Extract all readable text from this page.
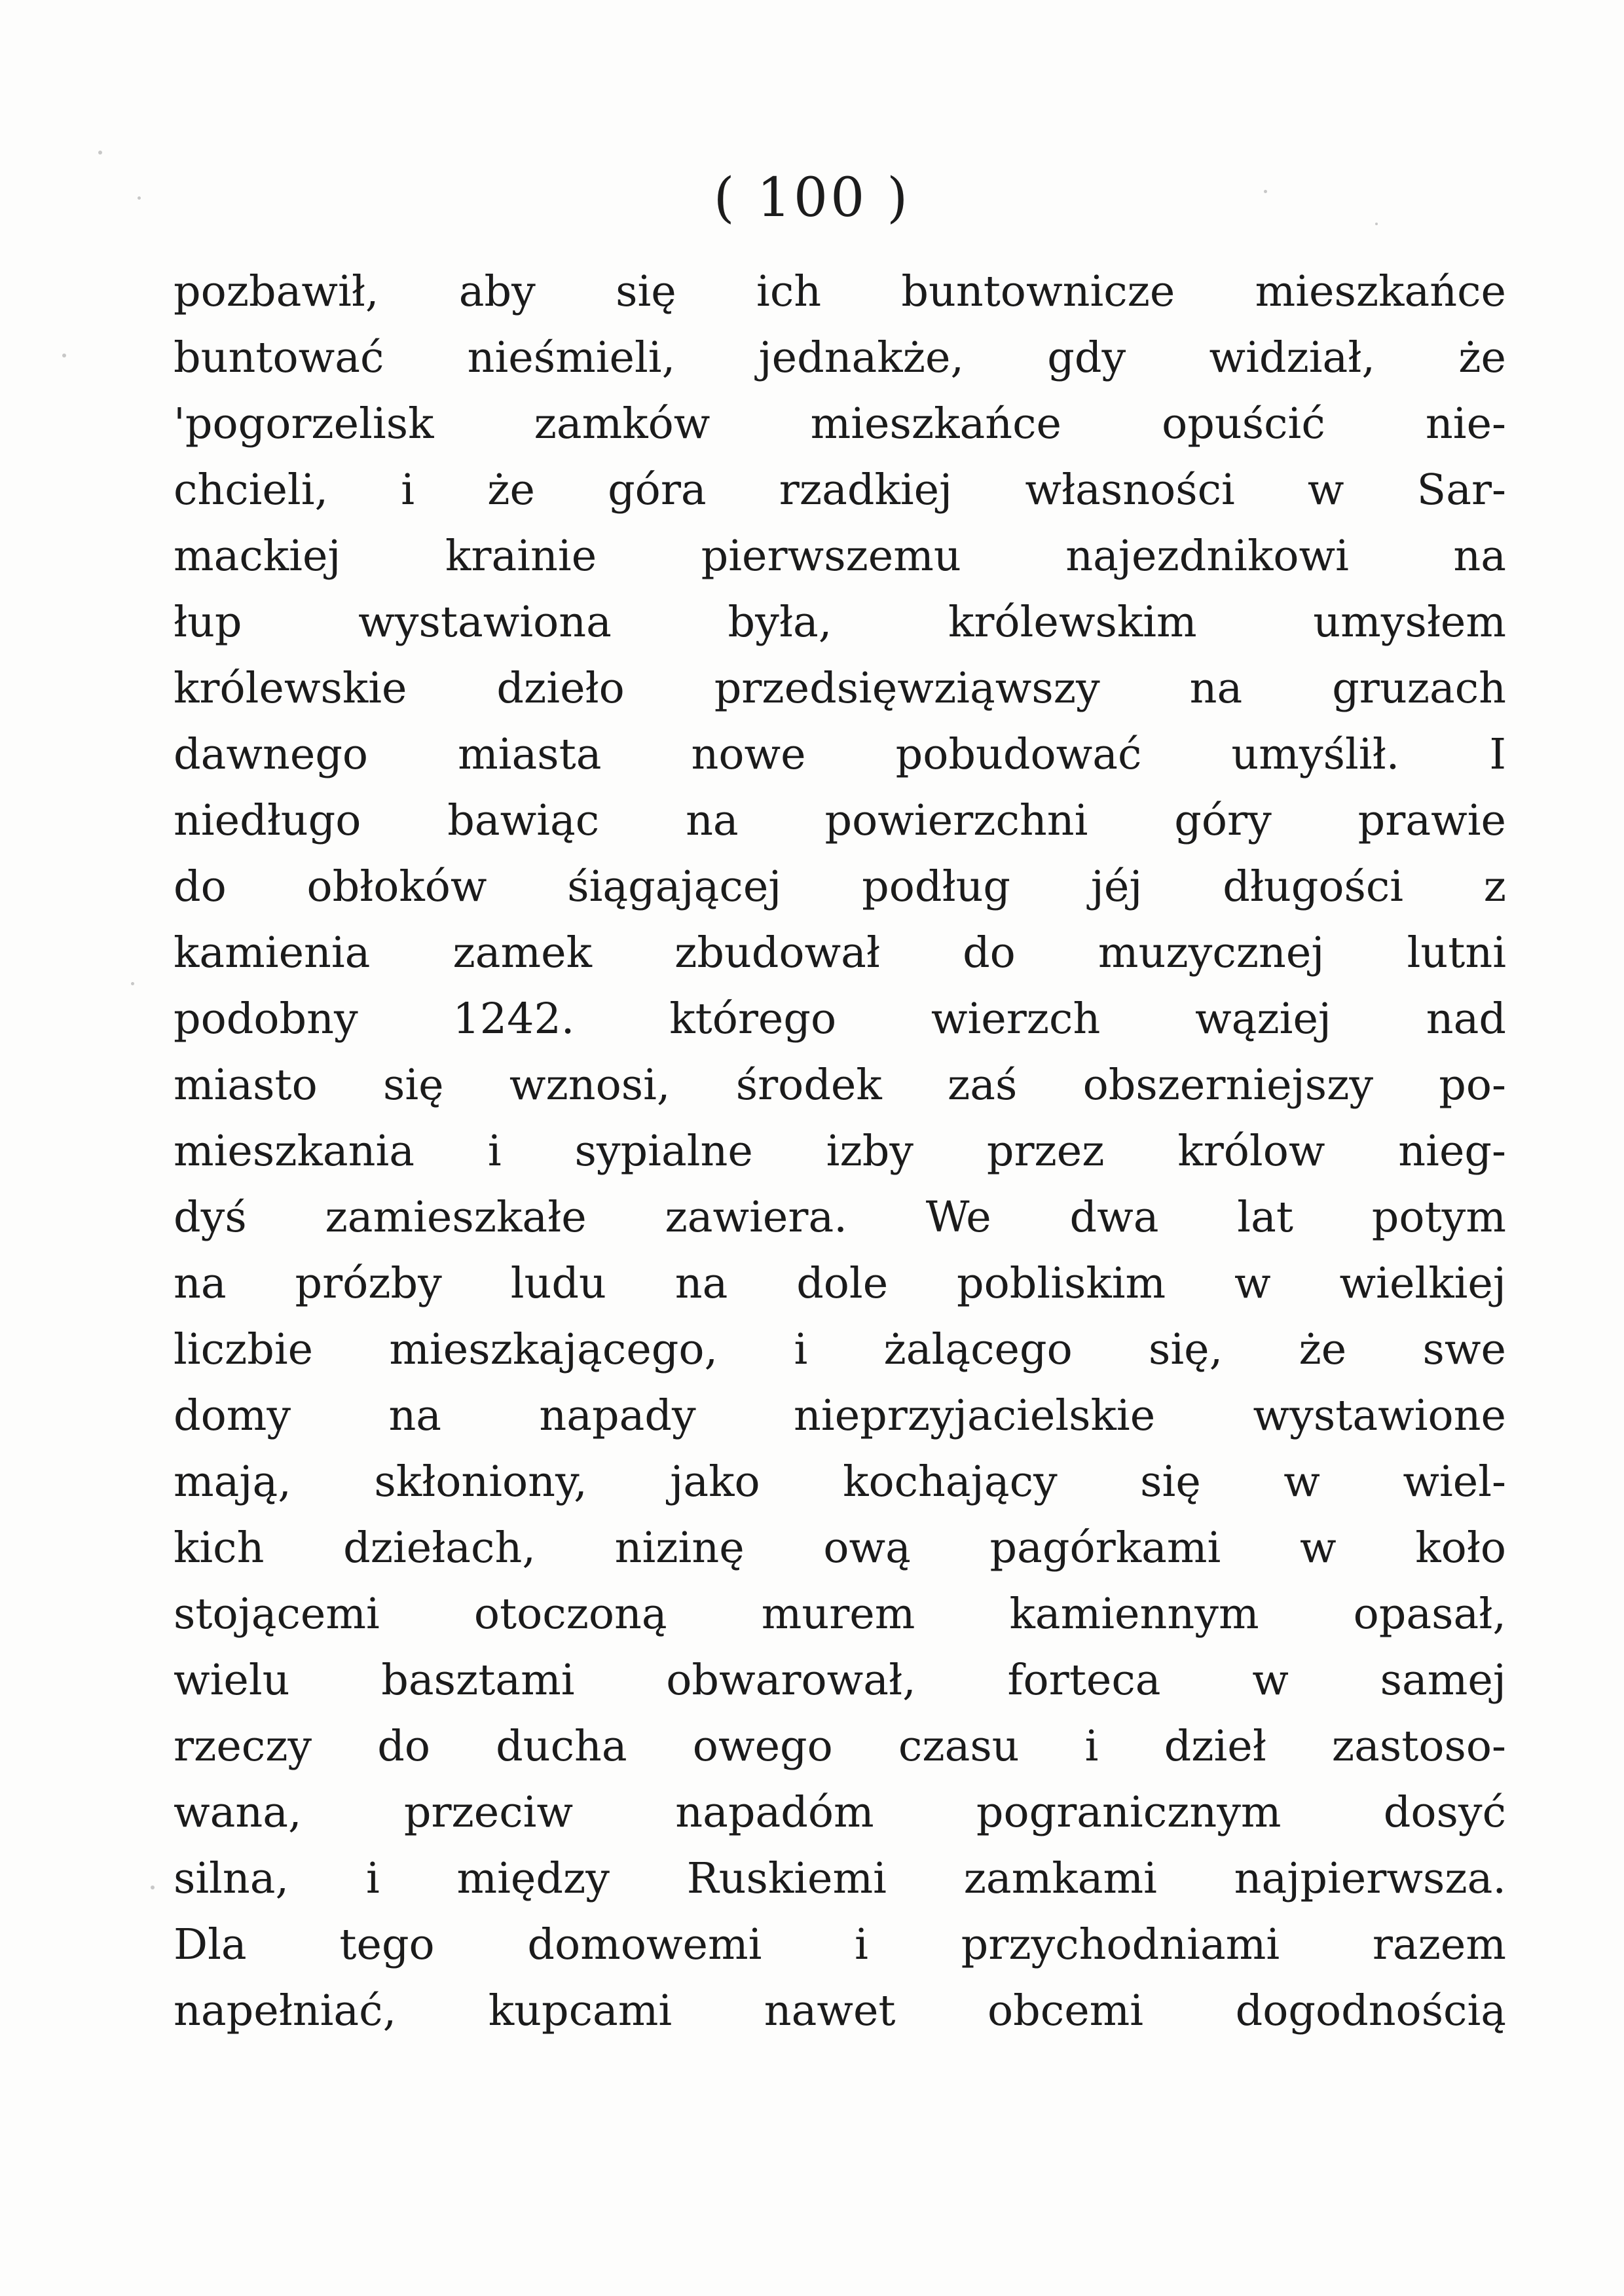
( 100 )
pozbawił, aby się ich buntownicze mieszkańce
buntować nieśmieli, jednakże, gdy widział, że
'pogorzelisk zamków mieszkańce opuścić nie-
chcieli, i że góra rzadkiej własności w Sar-
mackiej krainie pierwszemu najezdnikowi na
łup wystawiona była, królewskim umysłem
królewskie dzieło przedsięwziąwszy na gruzach
dawnego miasta nowe pobudować umyślił. I
niedługo bawiąc na powierzchni góry prawie
do obłoków śiągającej podług jéj długości z
kamienia zamek zbudował do muzycznej lutni
podobny 1242. którego wierzch wąziej nad
miasto się wznosi, środek zaś obszerniejszy po-
mieszkania i sypialne izby przez królow nieg-
dyś zamieszkałe zawiera. We dwa lat potym
na prózby ludu na dole pobliskim w wielkiej
liczbie mieszkającego, i żalącego się, że swe
domy na napady nieprzyjacielskie wystawione
mają, skłoniony, jako kochający się w wiel-
kich dziełach, nizinę ową pagórkami w koło
stojącemi otoczoną murem kamiennym opasał,
wielu basztami obwarował, forteca w samej
rzeczy do ducha owego czasu i dzieł zastoso-
wana, przeciw napadóm pogranicznym dosyć
silna, i między Ruskiemi zamkami najpierwsza.
Dla tego domowemi i przychodniami razem
napełniać, kupcami nawet obcemi dogodnością
